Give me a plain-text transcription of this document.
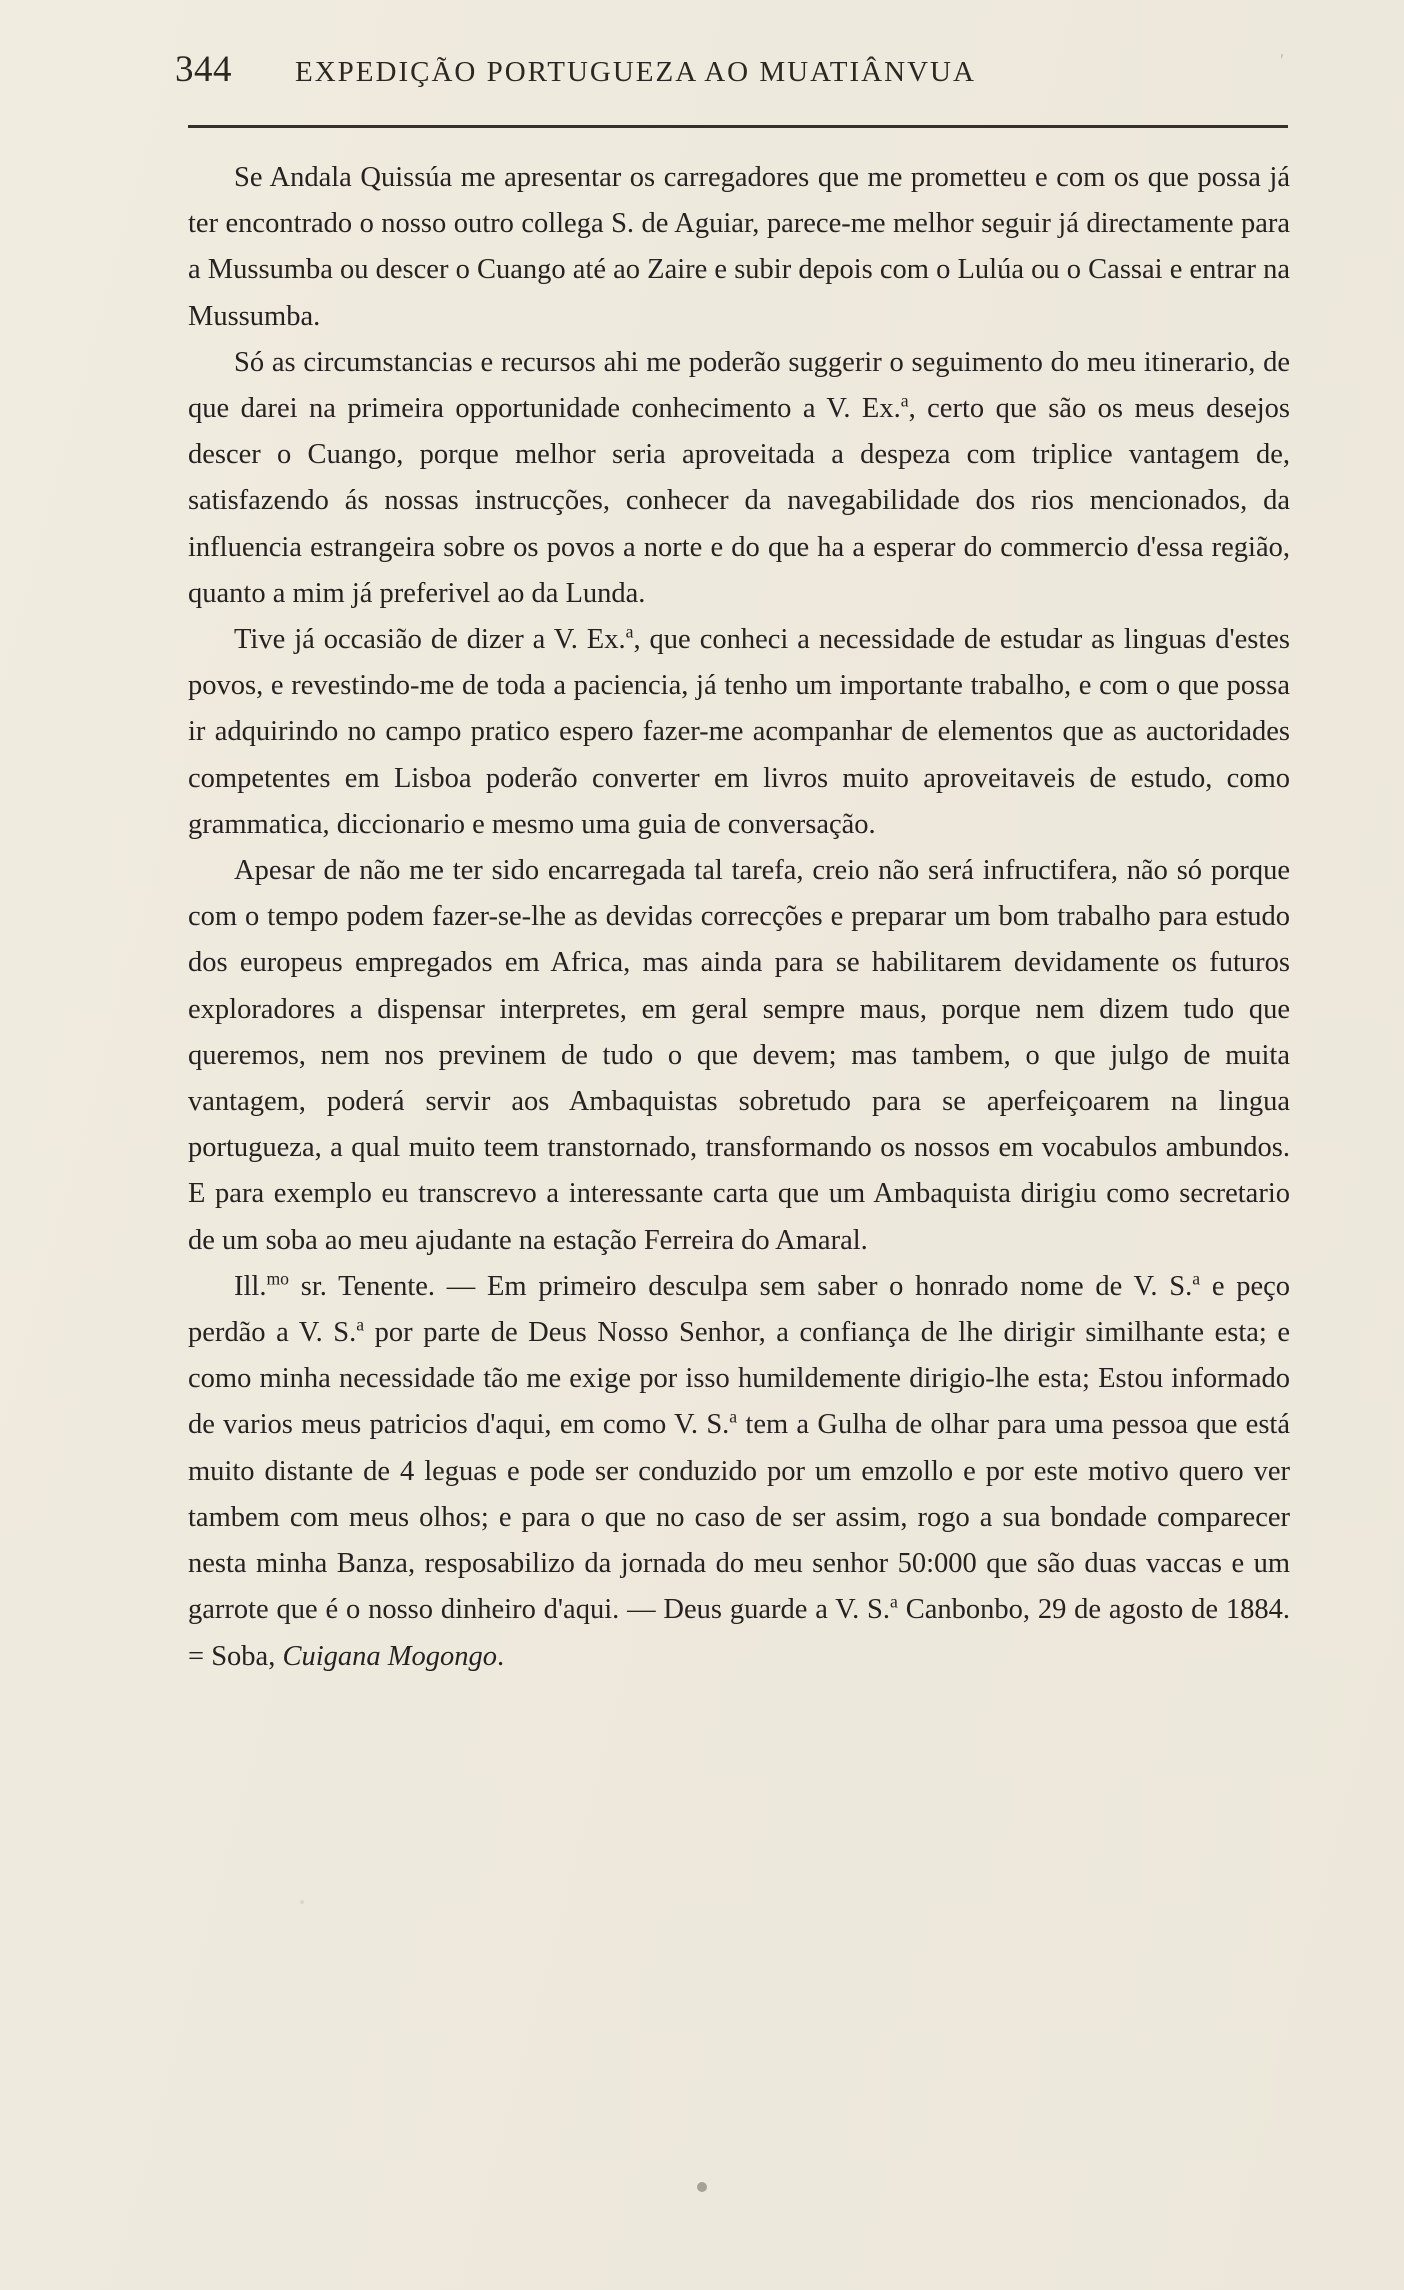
344	EXPEDIÇÃO PORTUGUEZA AO MUATIÂNVUA	ʹ

Se Andala Quissúa me apresentar os carregadores que me prometteu e com os que possa já ter encontrado o nosso outro collega S. de Aguiar, parece-me melhor seguir já directamente para a Mussumba ou descer o Cuango até ao Zaire e subir depois com o Lulúa ou o Cassai e entrar na Mussumba.

Só as circumstancias e recursos ahi me poderão suggerir o seguimento do meu itinerario, de que darei na primeira opportunidade conhecimento a V. Ex.$^a$, certo que são os meus desejos descer o Cuango, porque melhor seria aproveitada a despeza com triplice vantagem de, satisfazendo ás nossas instrucções, conhecer da navegabilidade dos rios mencionados, da influencia estrangeira sobre os povos a norte e do que ha a esperar do commercio d'essa região, quanto a mim já preferivel ao da Lunda.

Tive já occasião de dizer a V. Ex.$^a$, que conheci a necessidade de estudar as linguas d'estes povos, e revestindo-me de toda a paciencia, já tenho um importante trabalho, e com o que possa ir adquirindo no campo pratico espero fazer-me acompanhar de elementos que as auctoridades competentes em Lisboa poderão converter em livros muito aproveitaveis de estudo, como grammatica, diccionario e mesmo uma guia de conversação.

Apesar de não me ter sido encarregada tal tarefa, creio não será infructifera, não só porque com o tempo podem fazer-se-lhe as devidas correcções e preparar um bom trabalho para estudo dos europeus empregados em Africa, mas ainda para se habilitarem devidamente os futuros exploradores a dispensar interpretes, em geral sempre maus, porque nem dizem tudo que queremos, nem nos previnem de tudo o que devem; mas tambem, o que julgo de muita vantagem, poderá servir aos Ambaquistas sobretudo para se aperfeiçoarem na lingua portugueza, a qual muito teem transtornado, transformando os nossos em vocabulos ambundos. E para exemplo eu transcrevo a interessante carta que um Ambaquista dirigiu como secretario de um soba ao meu ajudante na estação Ferreira do Amaral.

Ill.$^{mo}$ sr. Tenente. — Em primeiro desculpa sem saber o honrado nome de V. S.$^a$ e peço perdão a V. S.$^a$ por parte de Deus Nosso Senhor, a confiança de lhe dirigir similhante esta; e como minha necessidade tão me exige por isso humildemente dirigio-lhe esta; Estou informado de varios meus patricios d'aqui, em como V. S.$^a$ tem a Gulha de olhar para uma pessoa que está muito distante de 4 leguas e pode ser conduzido por um emzollo e por este motivo quero ver tambem com meus olhos; e para o que no caso de ser assim, rogo a sua bondade comparecer nesta minha Banza, resposabilizo da jornada do meu senhor 50:000 que são duas vaccas e um garrote que é o nosso dinheiro d'aqui. — Deus guarde a V. S.$^a$ Canbonbo, 29 de agosto de 1884. = Soba, Cuigana Mogongo.
